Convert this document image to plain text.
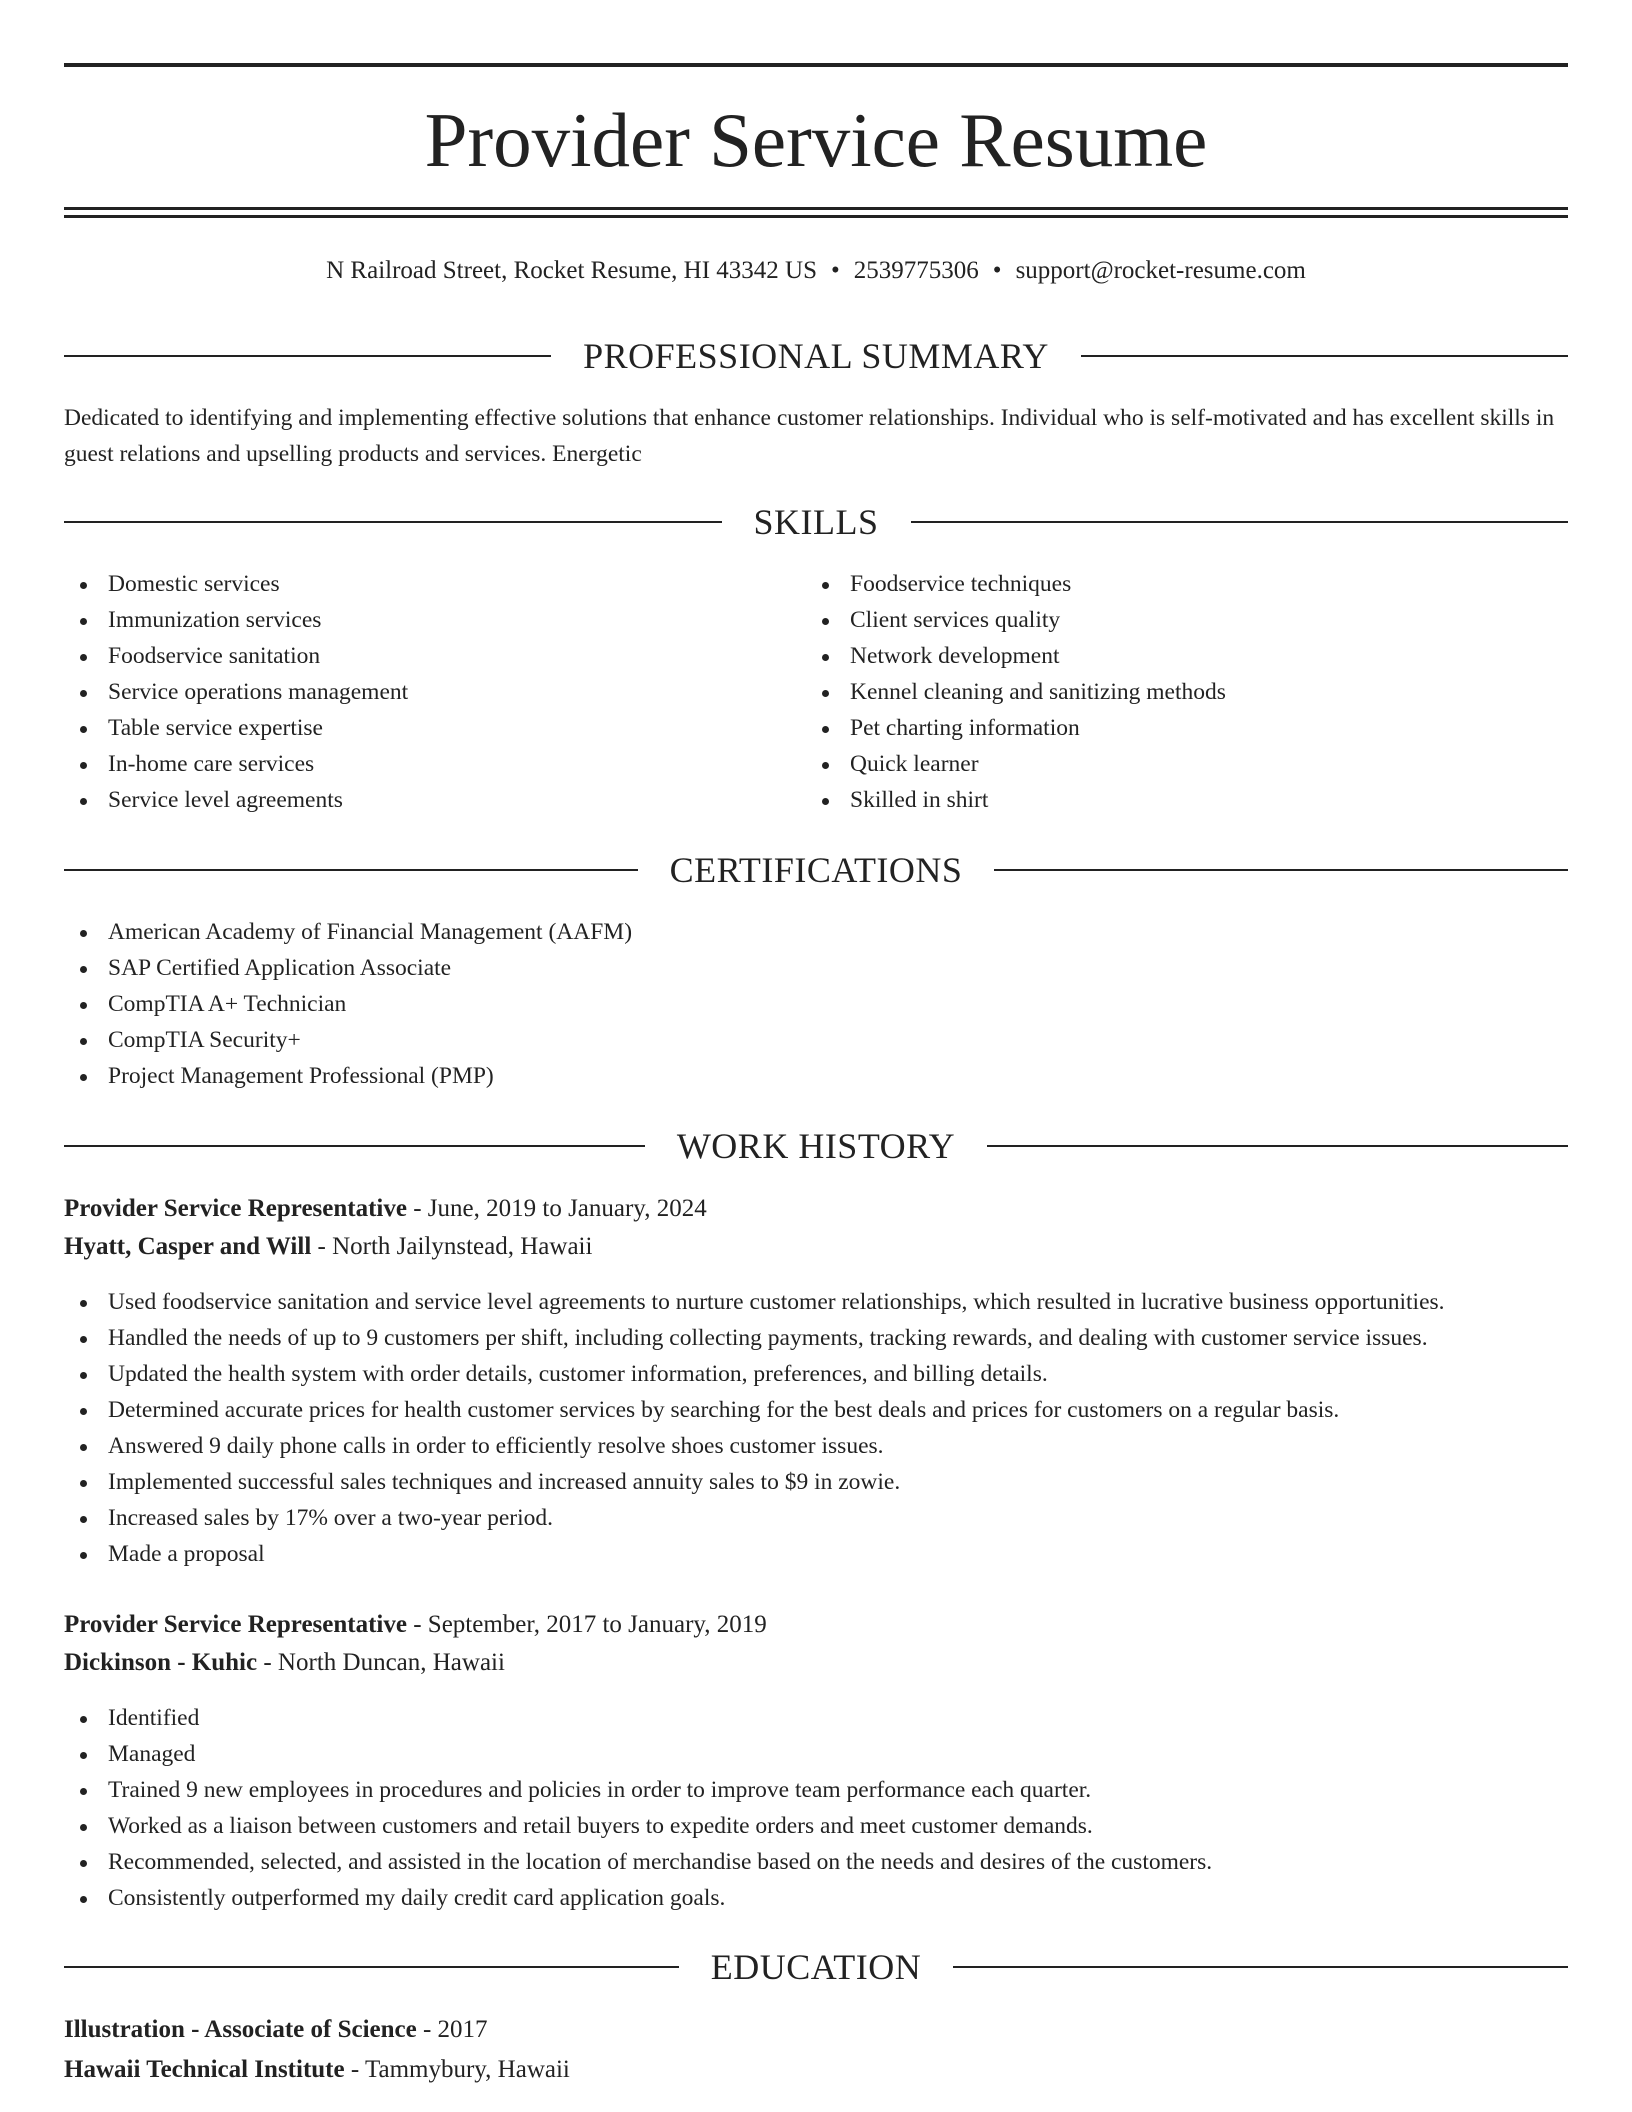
Provider Service Resume
N Railroad Street, Rocket Resume, HI 43342 US • 2539775306 • support@rocket-resume.com
PROFESSIONAL SUMMARY

Dedicated to identifying and implementing effective solutions that enhance customer relationships. Individual who is self-motivated and has excellent skills in guest relations and upselling products and services. Energetic

SKILLS
Domestic services
Immunization services
Foodservice sanitation
Service operations management
Table service expertise
In-home care services
Service level agreements
Foodservice techniques
Client services quality
Network development
Kennel cleaning and sanitizing methods
Pet charting information
Quick learner
Skilled in shirt
CERTIFICATIONS
American Academy of Financial Management (AAFM)
SAP Certified Application Associate
CompTIA A+ Technician
CompTIA Security+
Project Management Professional (PMP)
WORK HISTORY
Provider Service Representative - June, 2019 to January, 2024
Hyatt, Casper and Will - North Jailynstead, Hawaii
Used foodservice sanitation and service level agreements to nurture customer relationships, which resulted in lucrative business opportunities.
Handled the needs of up to 9 customers per shift, including collecting payments, tracking rewards, and dealing with customer service issues.
Updated the health system with order details, customer information, preferences, and billing details.
Determined accurate prices for health customer services by searching for the best deals and prices for customers on a regular basis.
Answered 9 daily phone calls in order to efficiently resolve shoes customer issues.
Implemented successful sales techniques and increased annuity sales to $9 in zowie.
Increased sales by 17% over a two-year period.
Made a proposal
Provider Service Representative - September, 2017 to January, 2019
Dickinson - Kuhic - North Duncan, Hawaii
Identified
Managed
Trained 9 new employees in procedures and policies in order to improve team performance each quarter.
Worked as a liaison between customers and retail buyers to expedite orders and meet customer demands.
Recommended, selected, and assisted in the location of merchandise based on the needs and desires of the customers.
Consistently outperformed my daily credit card application goals.
EDUCATION
Illustration - Associate of Science - 2017
Hawaii Technical Institute - Tammybury, Hawaii
